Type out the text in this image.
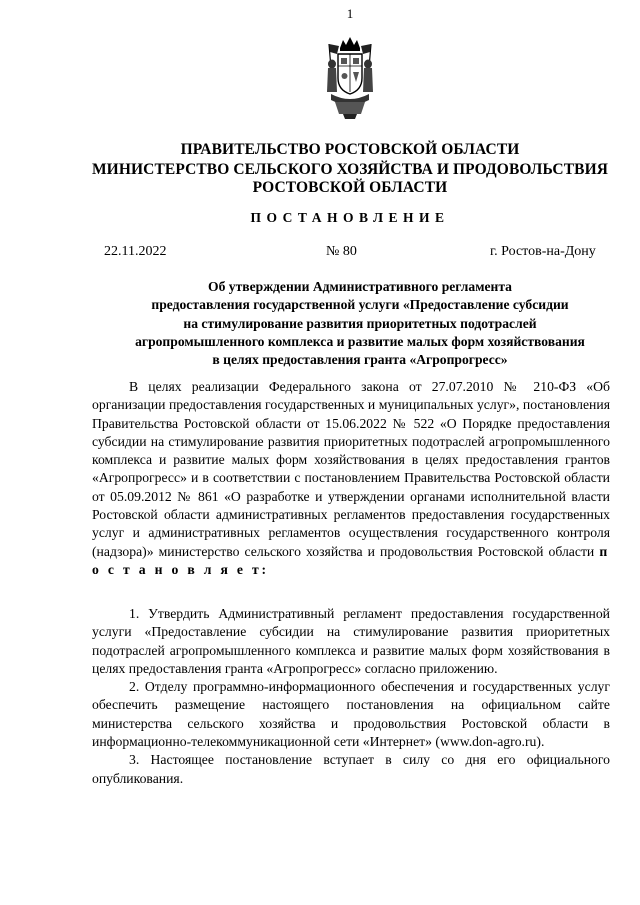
1
ПРАВИТЕЛЬСТВО РОСТОВСКОЙ ОБЛАСТИ
МИНИСТЕРСТВО СЕЛЬСКОГО ХОЗЯЙСТВА И ПРОДОВОЛЬСТВИЯ
РОСТОВСКОЙ ОБЛАСТИ
ПОСТАНОВЛЕНИЕ
22.11.2022	№ 80	г. Ростов-на-Дону
Об утверждении Административного регламента
предоставления государственной услуги «Предоставление субсидии
на стимулирование развития приоритетных подотраслей
агропромышленного комплекса и развитие малых форм хозяйствования
в целях предоставления гранта «Агропрогресс»

В целях реализации Федерального закона от 27.07.2010 № 210-ФЗ «Об организации предоставления государственных и муниципальных услуг», постановления Правительства Ростовской области от 15.06.2022 № 522 «О Порядке предоставления субсидии на стимулирование развития приоритетных подотраслей агропромышленного комплекса и развитие малых форм хозяйствования в целях предоставления грантов «Агропрогресс» и в соответствии с постановлением Правительства Ростовской области от 05.09.2012 № 861 «О разработке и утверждении органами исполнительной власти Ростовской области административных регламентов предоставления государственных услуг и административных регламентов осуществления государственного контроля (надзора)» министерство сельского хозяйства и продовольствия Ростовской области п о с т а н о в л я е т:

1. Утвердить Административный регламент предоставления государственной услуги «Предоставление субсидии на стимулирование развития приоритетных подотраслей агропромышленного комплекса и развитие малых форм хозяйствования в целях предоставления гранта «Агропрогресс» согласно приложению.

2. Отделу программно-информационного обеспечения и государственных услуг обеспечить размещение настоящего постановления на официальном сайте министерства сельского хозяйства и продовольствия Ростовской области в информационно-телекоммуникационной сети «Интернет» (www.don-agro.ru).

3. Настоящее постановление вступает в силу со дня его официального опубликования.
